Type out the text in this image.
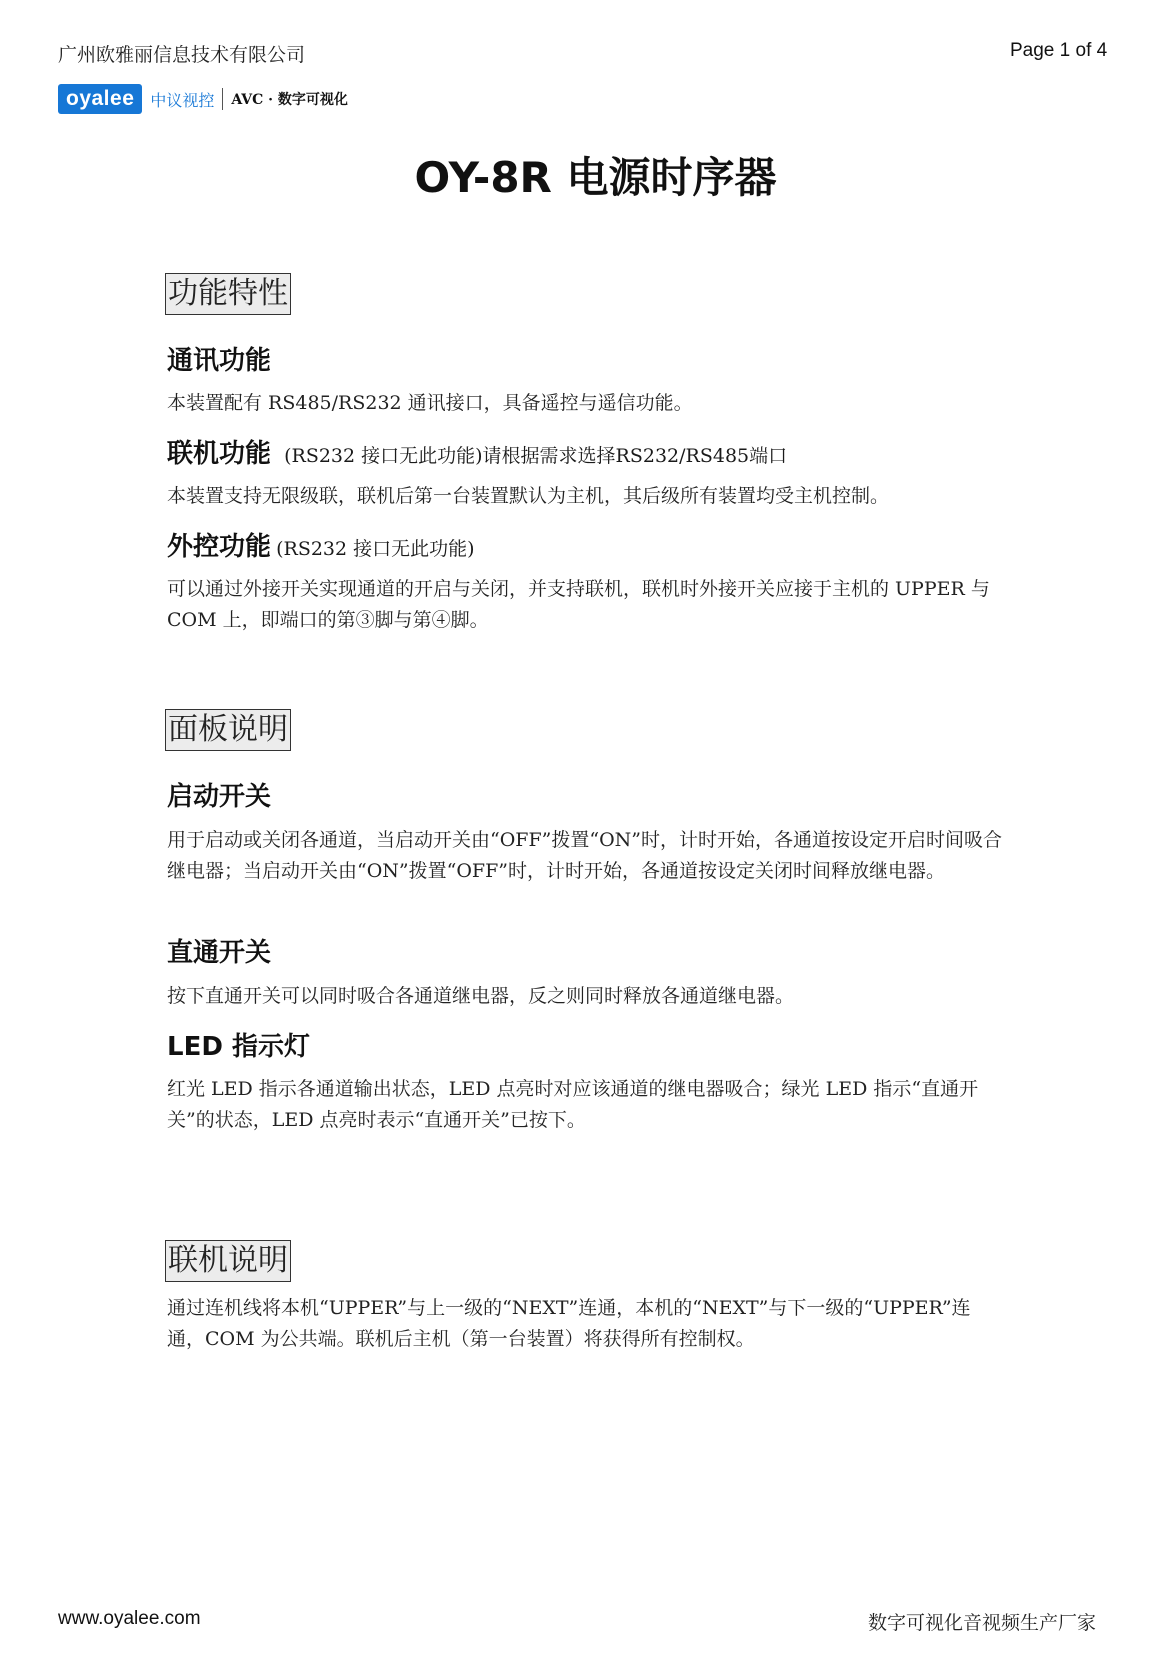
广州欧雅丽信息技术有限公司	Page 1 of 4
oyalee	中议视控 AVC · 数字可视化
OY-8R 电源时序器
功能特性
通讯功能
本装置配有 RS485/RS232 通讯接口，具备遥控与遥信功能。
联机功能 (RS232 接口无此功能)请根据需求选择RS232/RS485端口
本装置支持无限级联，联机后第一台装置默认为主机，其后级所有装置均受主机控制。
外控功能 (RS232 接口无此功能)
可以通过外接开关实现通道的开启与关闭，并支持联机，联机时外接开关应接于主机的 UPPER 与 COM 上，即端口的第③脚与第④脚。
面板说明
启动开关
用于启动或关闭各通道，当启动开关由“OFF”拨置“ON”时，计时开始，各通道按设定开启时间吸合继电器；当启动开关由“ON”拨置“OFF”时，计时开始，各通道按设定关闭时间释放继电器。
直通开关
按下直通开关可以同时吸合各通道继电器，反之则同时释放各通道继电器。
LED 指示灯
红光 LED 指示各通道输出状态，LED 点亮时对应该通道的继电器吸合；绿光 LED 指示“直通开关”的状态，LED 点亮时表示“直通开关”已按下。
联机说明
通过连机线将本机“UPPER”与上一级的“NEXT”连通，本机的“NEXT”与下一级的“UPPER”连通，COM 为公共端。联机后主机（第一台装置）将获得所有控制权。
www.oyalee.com	数字可视化音视频生产厂家
